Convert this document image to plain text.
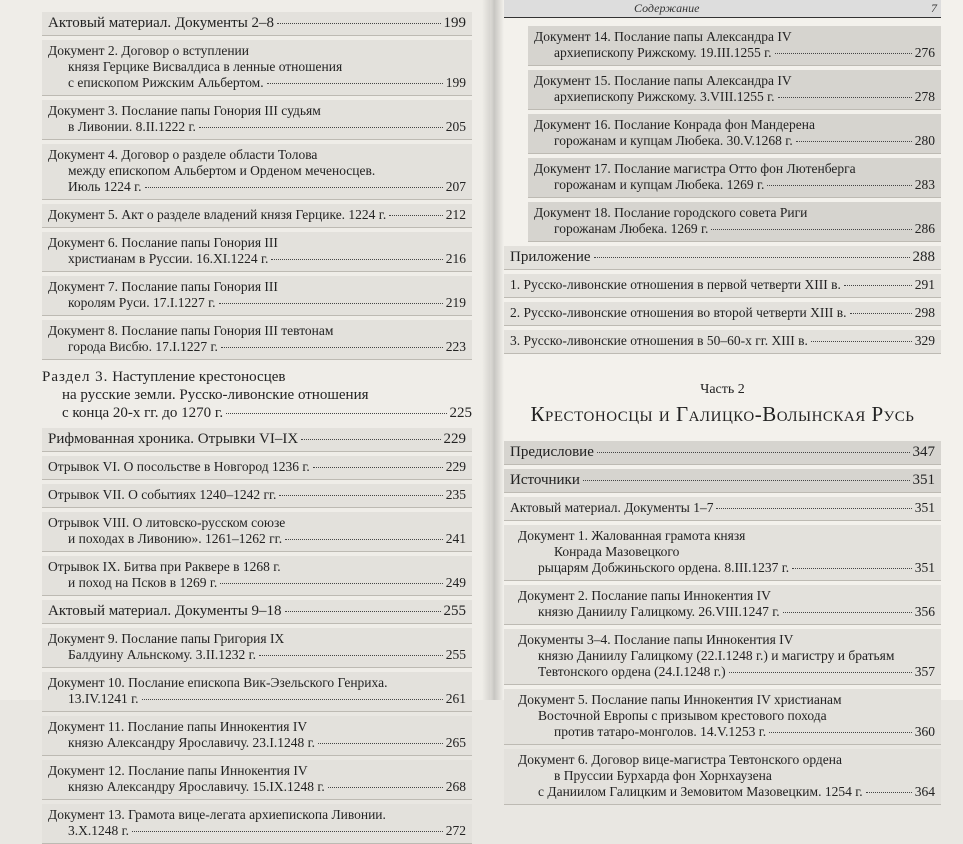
Актовый материал. Документы 2–8	199
Документ 2. Договор о вступлении
князя Герцике Висвалдиса в ленные отношения
с епископом Рижским Альбертом.	199
Документ 3. Послание папы Гонория III судьям
в Ливонии. 8.II.1222 г.	205
Документ 4. Договор о разделе области Толова
между епископом Альбертом и Орденом меченосцев.
Июль 1224 г.	207
Документ 5. Акт о разделе владений князя Герцике. 1224 г.	212
Документ 6. Послание папы Гонория III
христианам в Руссии. 16.XI.1224 г.	216
Документ 7. Послание папы Гонория III
королям Руси. 17.I.1227 г.	219
Документ 8. Послание папы Гонория III тевтонам
города Висбю. 17.I.1227 г.	223
Раздел 3. Наступление крестоносцев
на русские земли. Русско-ливонские отношения
с конца 20-х гг. до 1270 г.	225
Рифмованная хроника. Отрывки VI–IX	229
Отрывок VI. О посольстве в Новгород 1236 г.	229
Отрывок VII. О событиях 1240–1242 гг.	235
Отрывок VIII. О литовско-русском союзе
и походах в Ливонию». 1261–1262 гг.	241
Отрывок IX. Битва при Раквере в 1268 г.
и поход на Псков в 1269 г.	249
Актовый материал. Документы 9–18	255
Документ 9. Послание папы Григория IX
Балдуину Альнскому. 3.II.1232 г.	255
Документ 10. Послание епископа Вик-Эзельского Генриха.
13.IV.1241 г.	261
Документ 11. Послание папы Иннокентия IV
князю Александру Ярославичу. 23.I.1248 г.	265
Документ 12. Послание папы Иннокентия IV
князю Александру Ярославичу. 15.IX.1248 г.	268
Документ 13. Грамота вице-легата архиепископа Ливонии.
3.X.1248 г.	272
Содержание	7
Документ 14. Послание папы Александра IV
архиепископу Рижскому. 19.III.1255 г.	276
Документ 15. Послание папы Александра IV
архиепископу Рижскому. 3.VIII.1255 г.	278
Документ 16. Послание Конрада фон Мандерена
горожанам и купцам Любека. 30.V.1268 г.	280
Документ 17. Послание магистра Отто фон Лютенберга
горожанам и купцам Любека. 1269 г.	283
Документ 18. Послание городского совета Риги
горожанам Любека. 1269 г.	286
Приложение	288
1. Русско-ливонские отношения в первой четверти XIII в.	291
2. Русско-ливонские отношения во второй четверти XIII в.	298
3. Русско-ливонские отношения в 50–60-х гг. XIII в.	329
Часть 2
Крестоносцы и Галицко-Волынская Русь
Предисловие	347
Источники	351
Актовый материал. Документы 1–7	351
Документ 1. Жалованная грамота князя
Конрада Мазовецкого
рыцарям Добжиньского ордена. 8.III.1237 г.	351
Документ 2. Послание папы Иннокентия IV
князю Даниилу Галицкому. 26.VIII.1247 г.	356
Документы 3–4. Послание папы Иннокентия IV
князю Даниилу Галицкому (22.I.1248 г.) и магистру и братьям
Тевтонского ордена (24.I.1248 г.)	357
Документ 5. Послание папы Иннокентия IV христианам
Восточной Европы с призывом крестового похода
против татаро-монголов. 14.V.1253 г.	360
Документ 6. Договор вице-магистра Тевтонского ордена
в Пруссии Бурхарда фон Хорнхаузена
с Даниилом Галицким и Земовитом Мазовецким. 1254 г.	364
